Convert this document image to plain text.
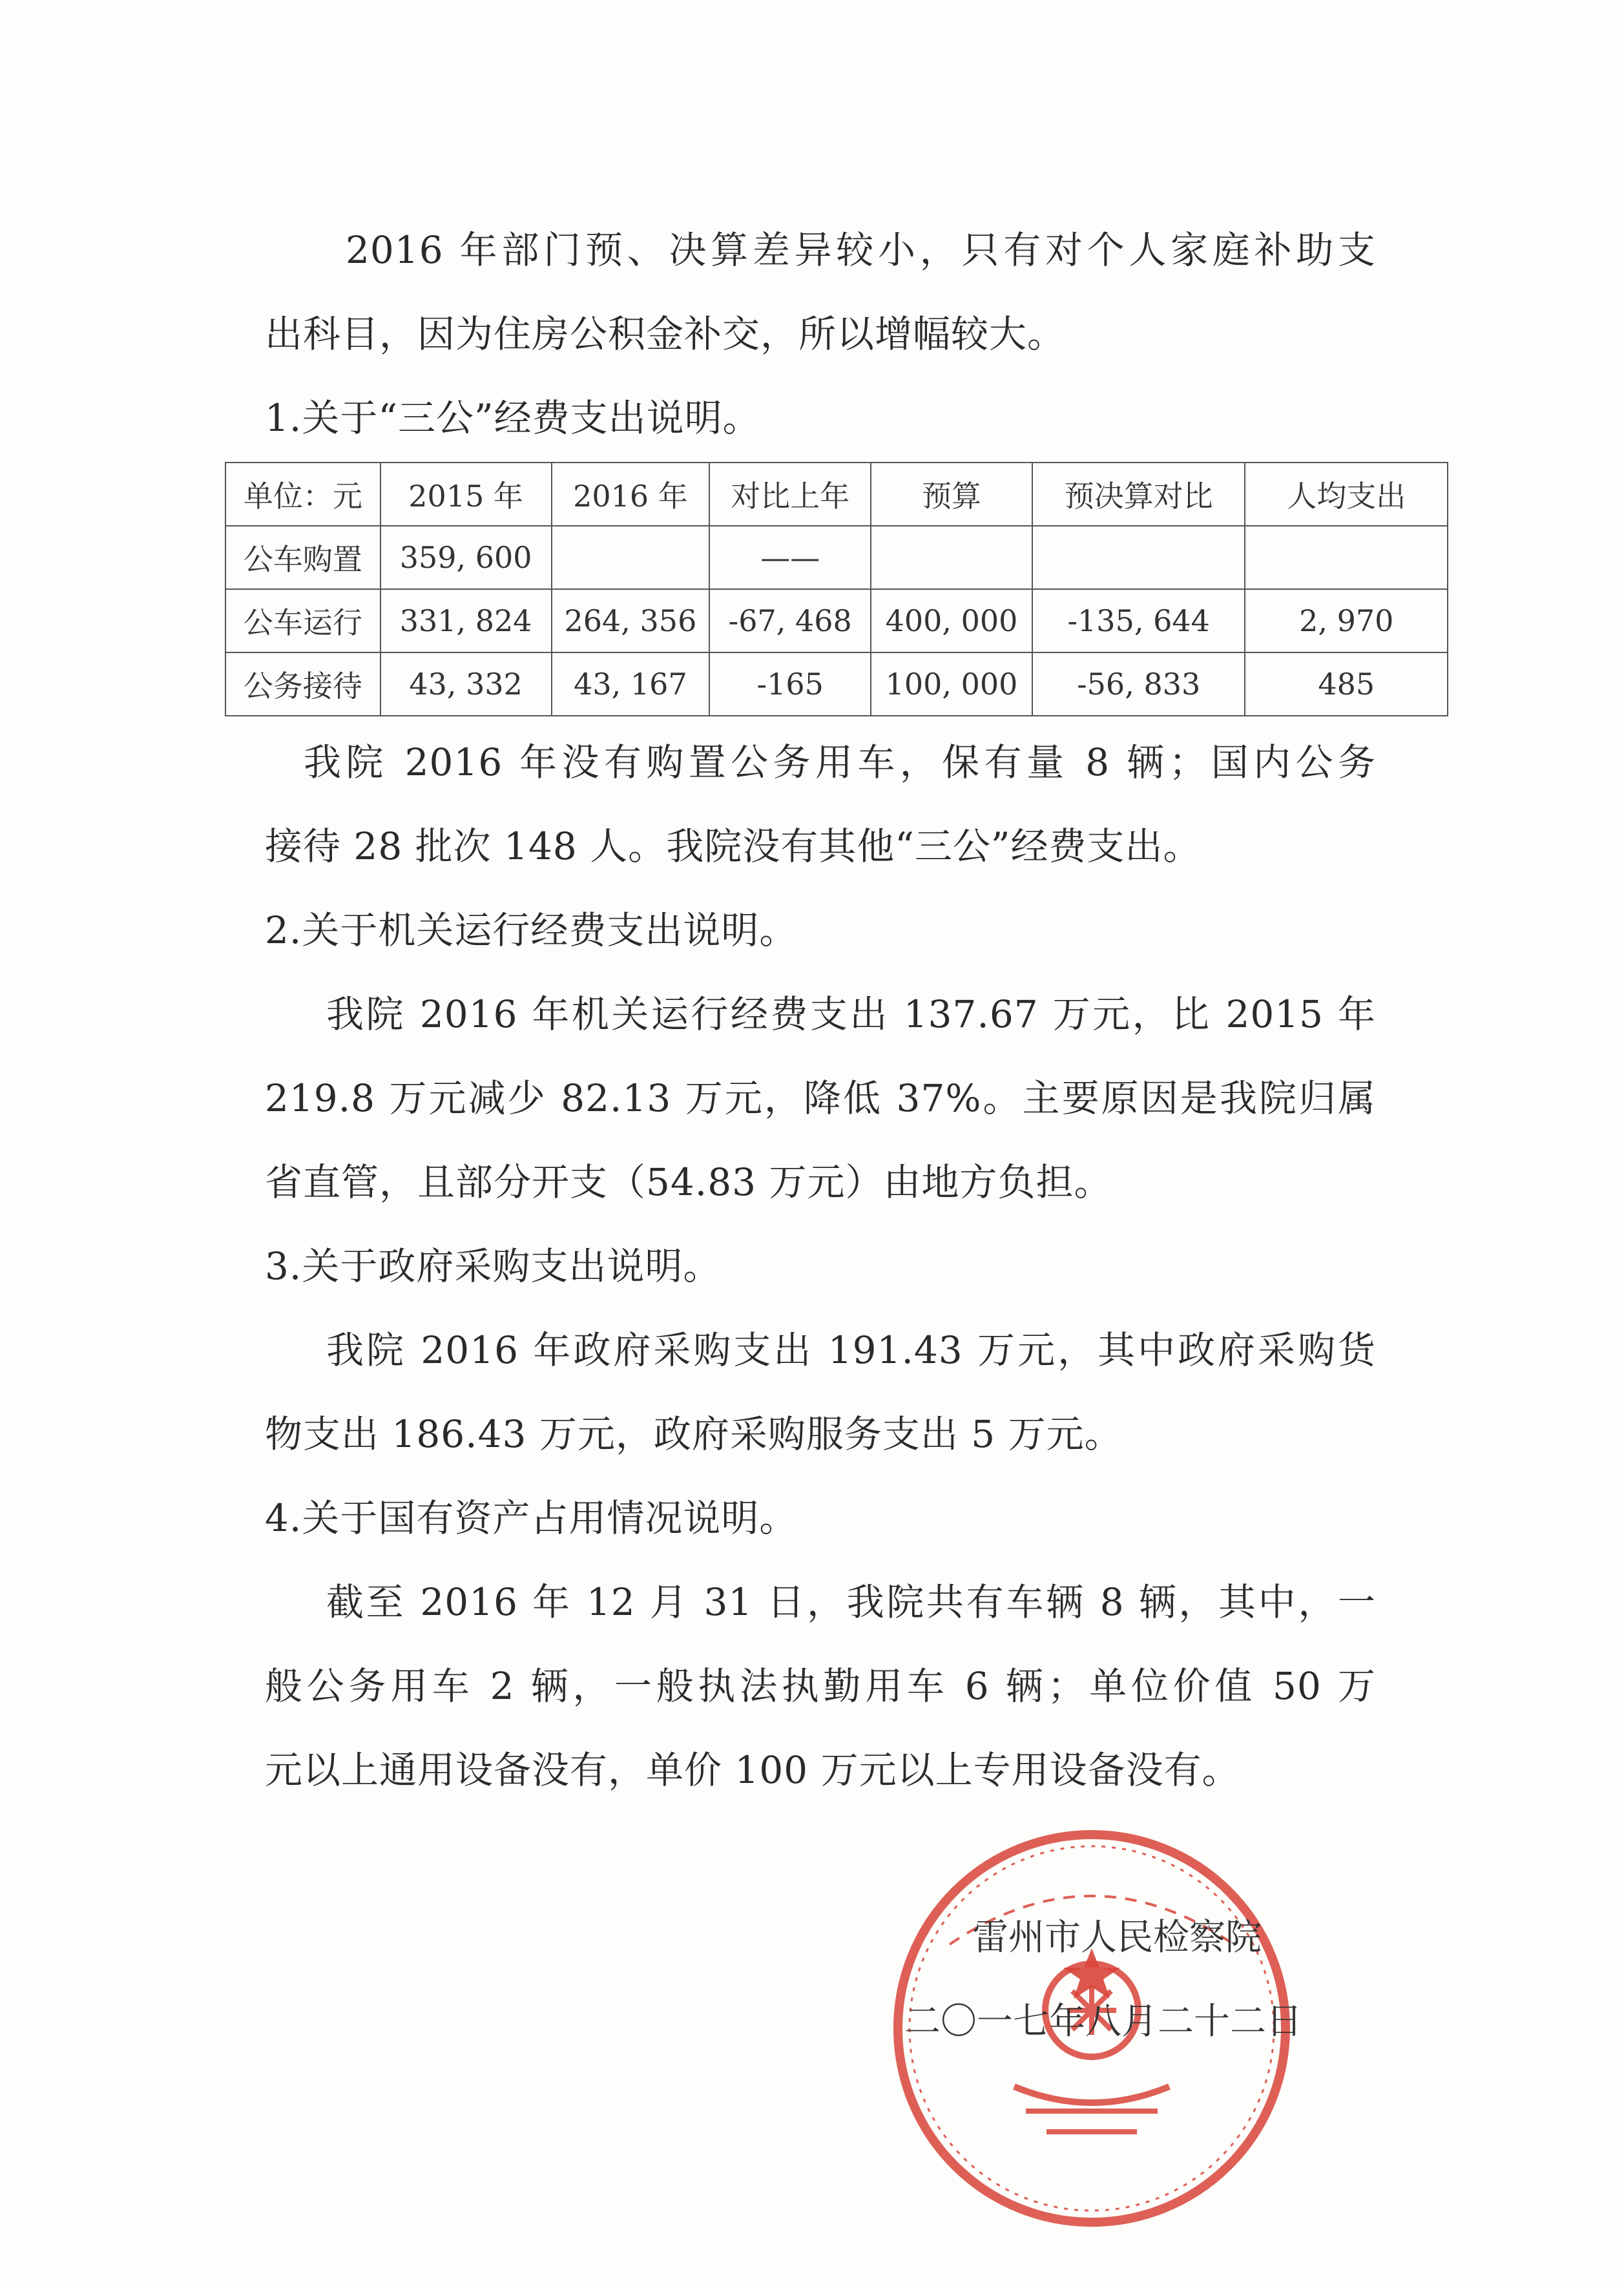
2016 年部门预、决算差异较小，只有对个人家庭补助支
出科目，因为住房公积金补交，所以增幅较大。
1.关于“三公”经费支出说明。
单位：元	2015 年	2016 年	对比上年	预算	预决算对比	人均支出
公车购置	359, 600		——			
公车运行	331, 824	264, 356	-67, 468	400, 000	-135, 644	2, 970
公务接待	43, 332	43, 167	-165	100, 000	-56, 833	485
我院 2016 年没有购置公务用车，保有量 8 辆；国内公务
接待 28 批次 148 人。我院没有其他“三公”经费支出。
2.关于机关运行经费支出说明。
我院 2016 年机关运行经费支出 137.67 万元，比 2015 年
219.8 万元减少 82.13 万元，降低 37%。主要原因是我院归属
省直管，且部分开支（54.83 万元）由地方负担。
3.关于政府采购支出说明。
我院 2016 年政府采购支出 191.43 万元，其中政府采购货
物支出 186.43 万元，政府采购服务支出 5 万元。
4.关于国有资产占用情况说明。
截至 2016 年 12 月 31 日，我院共有车辆 8 辆，其中，一
般公务用车 2 辆，一般执法执勤用车 6 辆；单位价值 50 万
元以上通用设备没有，单价 100 万元以上专用设备没有。
雷州市人民检察院
二〇一七年八月二十二日
